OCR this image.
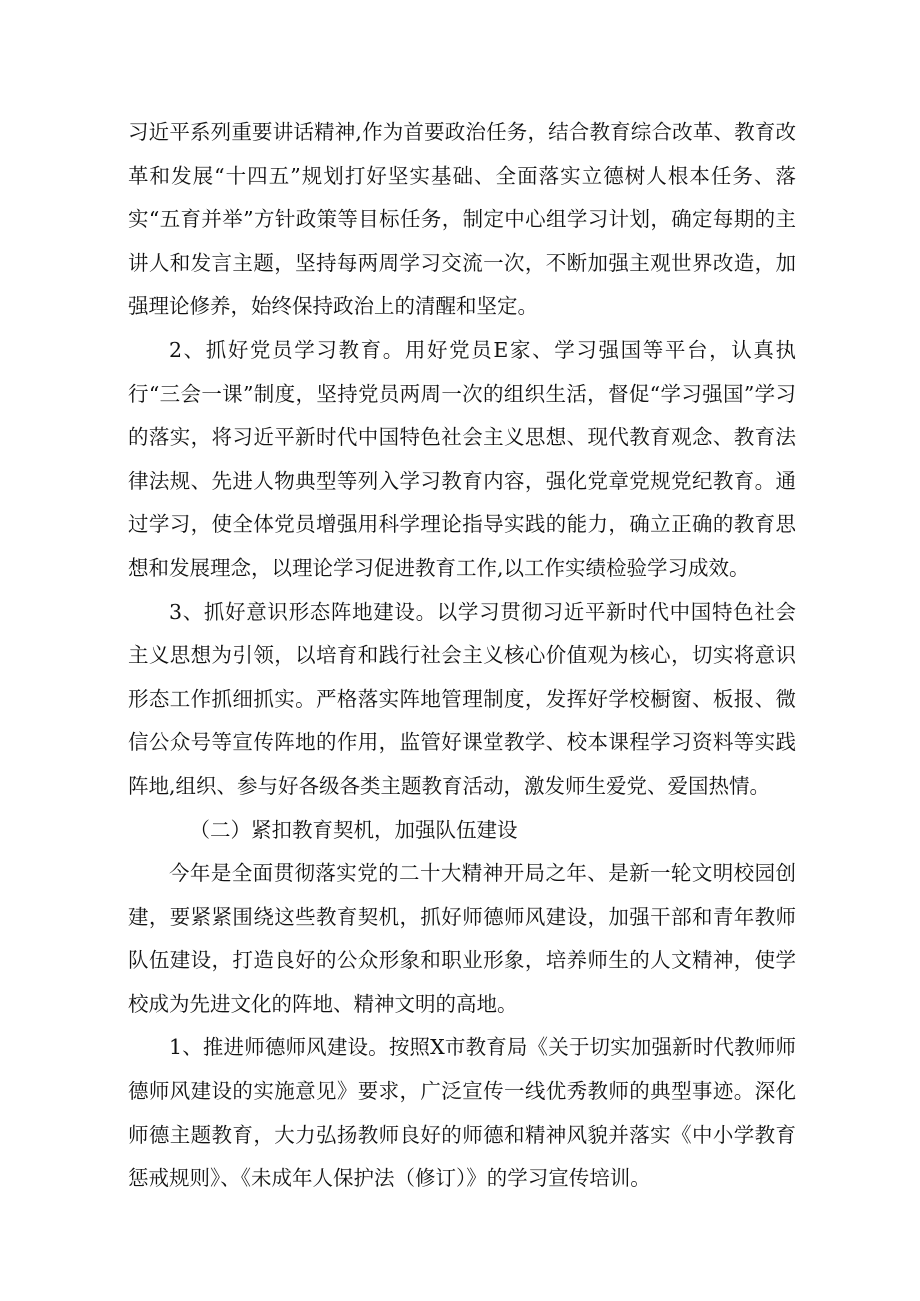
习近平系列重要讲话精神,作为首要政治任务，结合教育综合改革、教育改革和发展“十四五”规划打好坚实基础、全面落实立德树人根本任务、落实“五育并举”方针政策等目标任务，制定中心组学习计划，确定每期的主讲人和发言主题，坚持每两周学习交流一次，不断加强主观世界改造，加强理论修养，始终保持政治上的清醒和坚定。

2、抓好党员学习教育。用好党员E家、学习强国等平台，认真执行“三会一课”制度，坚持党员两周一次的组织生活，督促“学习强国”学习的落实，将习近平新时代中国特色社会主义思想、现代教育观念、教育法律法规、先进人物典型等列入学习教育内容，强化党章党规党纪教育。通过学习，使全体党员增强用科学理论指导实践的能力，确立正确的教育思想和发展理念，以理论学习促进教育工作,以工作实绩检验学习成效。

3、抓好意识形态阵地建设。以学习贯彻习近平新时代中国特色社会主义思想为引领，以培育和践行社会主义核心价值观为核心，切实将意识形态工作抓细抓实。严格落实阵地管理制度，发挥好学校橱窗、板报、微信公众号等宣传阵地的作用，监管好课堂教学、校本课程学习资料等实践阵地,组织、参与好各级各类主题教育活动，激发师生爱党、爱国热情。

（二）紧扣教育契机，加强队伍建设

今年是全面贯彻落实党的二十大精神开局之年、是新一轮文明校园创建，要紧紧围绕这些教育契机，抓好师德师风建设，加强干部和青年教师队伍建设，打造良好的公众形象和职业形象，培养师生的人文精神，使学校成为先进文化的阵地、精神文明的高地。

1、推进师德师风建设。按照X市教育局《关于切实加强新时代教师师德师风建设的实施意见》要求，广泛宣传一线优秀教师的典型事迹。深化师德主题教育，大力弘扬教师良好的师德和精神风貌并落实《中小学教育惩戒规则》、《未成年人保护法（修订）》的学习宣传培训。
